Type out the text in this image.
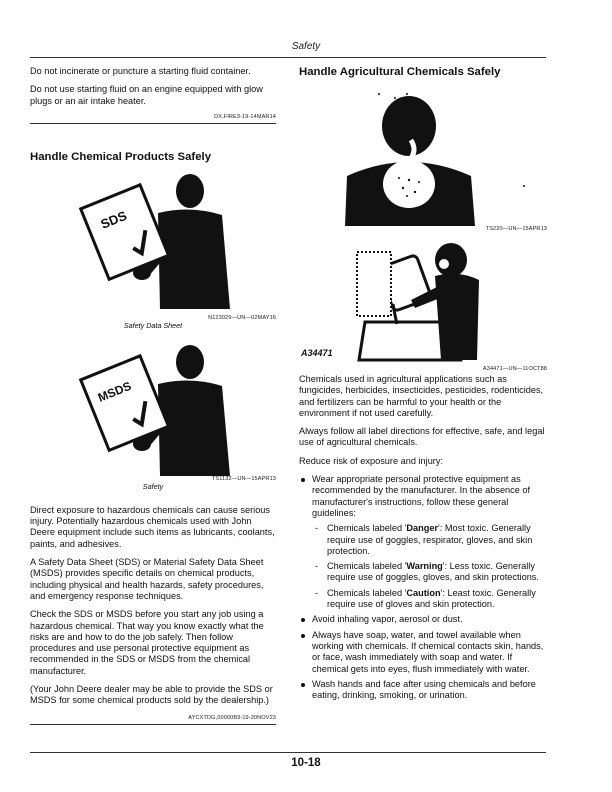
Safety

Do not incinerate or puncture a starting fluid container.

Do not use starting fluid on an engine equipped with glow plugs or an air intake heater.

DX,FIRE3-19-14MAR14
Handle Chemical Products Safely
SDS
N123029—UN—02MAY16
Safety Data Sheet
MSDS
TS1132—UN—15APR13
Safety

Direct exposure to hazardous chemicals can cause serious injury. Potentially hazardous chemicals used with John Deere equipment include such items as lubricants, coolants, paints, and adhesives.

A Safety Data Sheet (SDS) or Material Safety Data Sheet (MSDS) provides specific details on chemical products, including physical and health hazards, safety procedures, and emergency response techniques.

Check the SDS or MSDS before you start any job using a hazardous chemical. That way you know exactly what the risks are and how to do the job safely. Then follow procedures and use personal protective equipment as recommended in the SDS or MSDS from the chemical manufacturer.

(Your John Deere dealer may be able to provide the SDS or MSDS for some chemical products sold by the dealership.)

AYCXTDG,00000B3-19-20NOV23
Handle Agricultural Chemicals Safely
TS220—UN—15APR13
A34471
A34471—UN—11OCT88

Chemicals used in agricultural applications such as fungicides, herbicides, insecticides, pesticides, rodenticides, and fertilizers can be harmful to your health or the environment if not used carefully.

Always follow all label directions for effective, safe, and legal use of agricultural chemicals.

Reduce risk of exposure and injury:

Wear appropriate personal protective equipment as recommended by the manufacturer. In the absence of manufacturer's instructions, follow these general guidelines:
- Chemicals labeled 'Danger': Most toxic. Generally require use of goggles, respirator, gloves, and skin protection.
- Chemicals labeled 'Warning': Less toxic. Generally require use of goggles, gloves, and skin protections.
- Chemicals labeled 'Caution': Least toxic. Generally require use of gloves and skin protection.
Avoid inhaling vapor, aerosol or dust.
Always have soap, water, and towel available when working with chemicals. If chemical contacts skin, hands, or face, wash immediately with soap and water. If chemical gets into eyes, flush immediately with water.
Wash hands and face after using chemicals and before eating, drinking, smoking, or urination.
10-18
